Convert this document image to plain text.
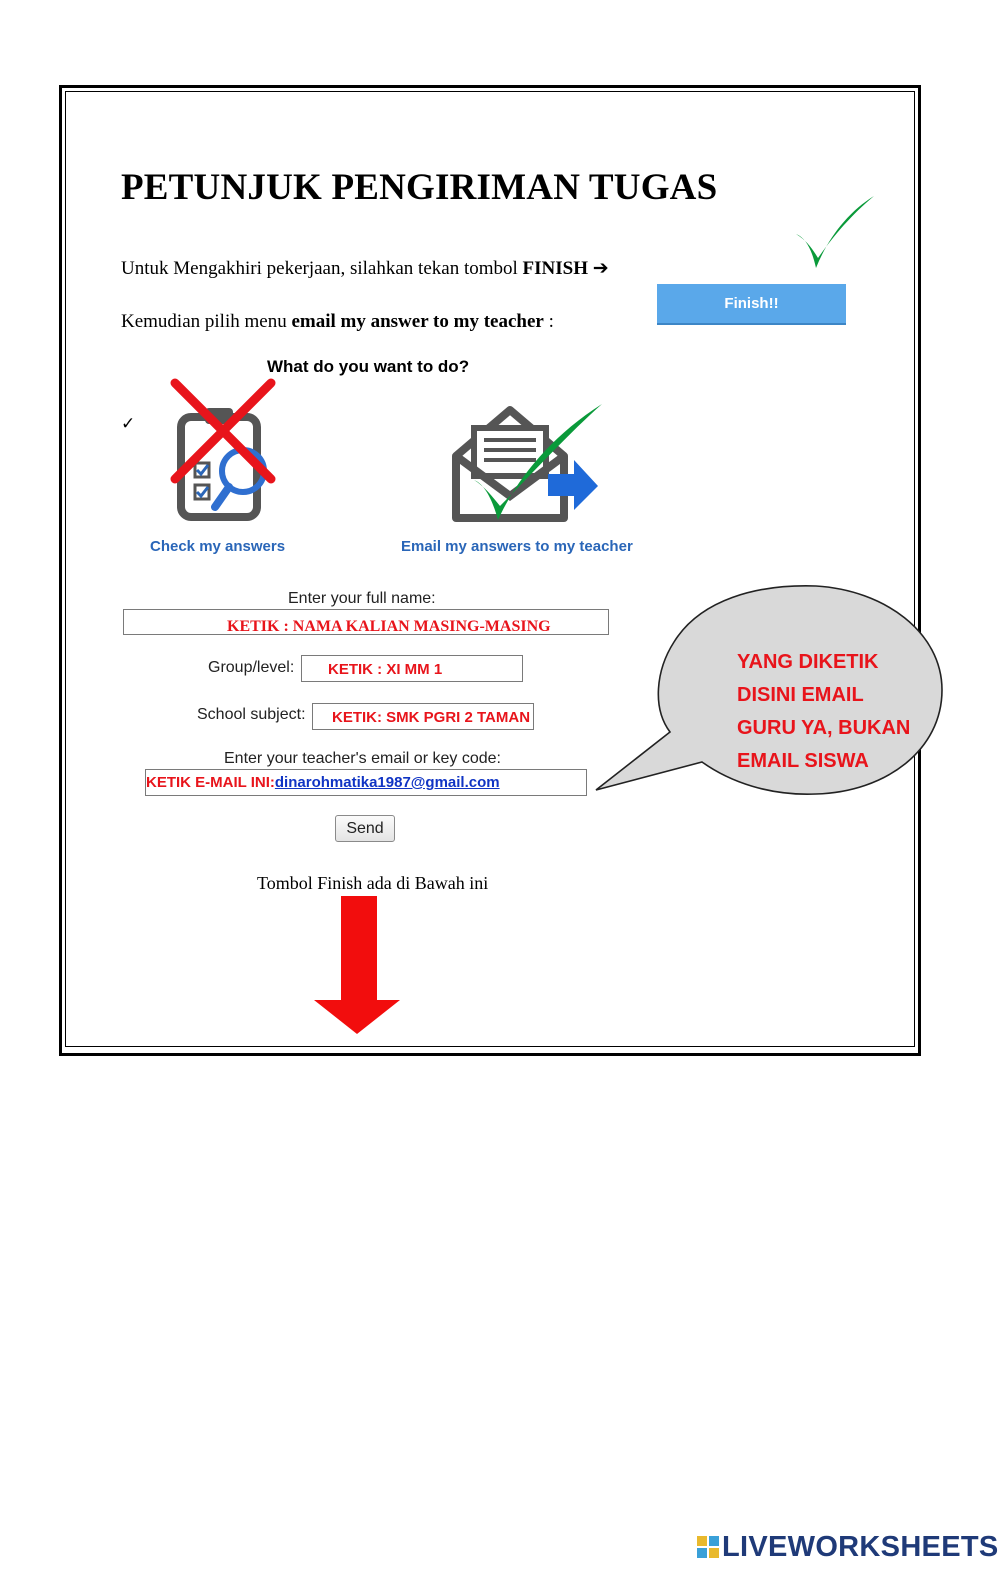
PETUNJUK PENGIRIMAN TUGAS
Untuk Mengakhiri pekerjaan, silahkan tekan tombol FINISH ➔
Kemudian pilih menu email my answer to my teacher :
Finish!!
What do you want to do?
✓
Check my answers	Email my answers to my teacher
Enter your full name:
KETIK : NAMA KALIAN MASING-MASING
Group/level: KETIK : XI MM 1
School subject: KETIK: SMK PGRI 2 TAMAN
Enter your teacher's email or key code:
KETIK E-MAIL INI:dinarohmatika1987@gmail.com
Send
YANG DIKETIK DISINI EMAIL GURU YA, BUKAN EMAIL SISWA
Tombol Finish ada di Bawah ini
LIVEWORKSHEETS
